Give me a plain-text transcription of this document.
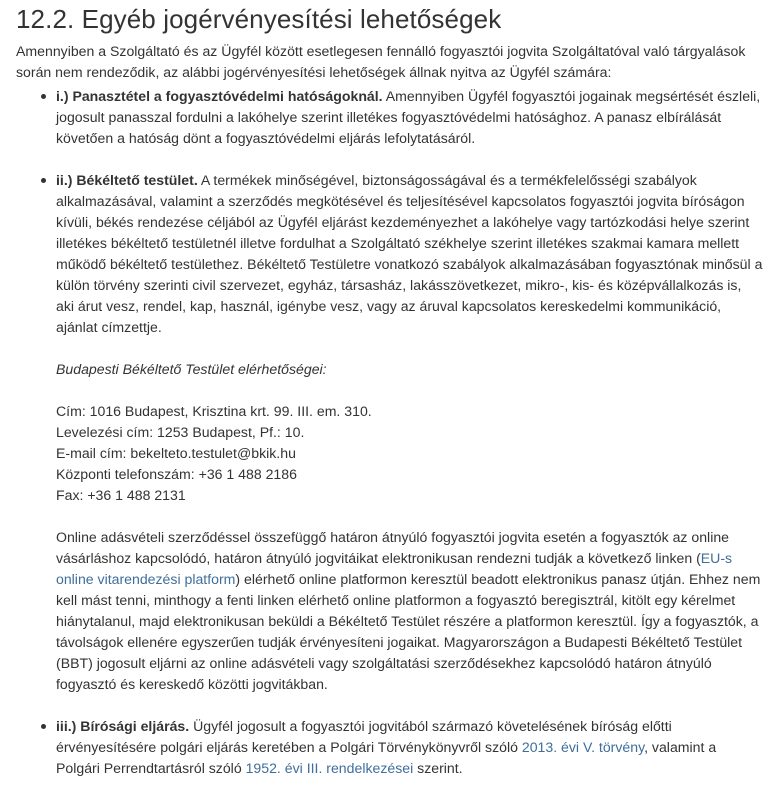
12.2. Egyéb jogérvényesítési lehetőségek

Amennyiben a Szolgáltató és az Ügyfél között esetlegesen fennálló fogyasztói jogvita Szolgáltatóval való tárgyalások során nem rendeződik, az alábbi jogérvényesítési lehetőségek állnak nyitva az Ügyfél számára:

i.) Panasztétel a fogyasztóvédelmi hatóságoknál. Amennyiben Ügyfél fogyasztói jogainak megsértését észleli, jogosult panasszal fordulni a lakóhelye szerint illetékes fogyasztóvédelmi hatósághoz. A panasz elbírálását követően a hatóság dönt a fogyasztóvédelmi eljárás lefolytatásáról.

ii.) Békéltető testület. A termékek minőségével, biztonságosságával és a termékfelelősségi szabályok alkalmazásával, valamint a szerződés megkötésével és teljesítésével kapcsolatos fogyasztói jogvita bíróságon kívüli, békés rendezése céljából az Ügyfél eljárást kezdeményezhet a lakóhelye vagy tartózkodási helye szerint illetékes békéltető testületnél illetve fordulhat a Szolgáltató székhelye szerint illetékes szakmai kamara mellett működő békéltető testülethez. Békéltető Testületre vonatkozó szabályok alkalmazásában fogyasztónak minősül a külön törvény szerinti civil szervezet, egyház, társasház, lakásszövetkezet, mikro-, kis- és középvállalkozás is, aki árut vesz, rendel, kap, használ, igénybe vesz, vagy az áruval kapcsolatos kereskedelmi kommunikáció, ajánlat címzettje.

Budapesti Békéltető Testület elérhetőségei:

Cím: 1016 Budapest, Krisztina krt. 99. III. em. 310.
Levelezési cím: 1253 Budapest, Pf.: 10.
E-mail cím: bekelteto.testulet@bkik.hu
Központi telefonszám: +36 1 488 2186
Fax: +36 1 488 2131

Online adásvételi szerződéssel összefüggő határon átnyúló fogyasztói jogvita esetén a fogyasztók az online vásárláshoz kapcsolódó, határon átnyúló jogvitáikat elektronikusan rendezni tudják a következő linken (EU-s online vitarendezési platform) elérhető online platformon keresztül beadott elektronikus panasz útján. Ehhez nem kell mást tenni, minthogy a fenti linken elérhető online platformon a fogyasztó beregisztrál, kitölt egy kérelmet hiánytalanul, majd elektronikusan beküldi a Békéltető Testület részére a platformon keresztül. Így a fogyasztók, a távolságok ellenére egyszerűen tudják érvényesíteni jogaikat. Magyarországon a Budapesti Békéltető Testület (BBT) jogosult eljárni az online adásvételi vagy szolgáltatási szerződésekhez kapcsolódó határon átnyúló fogyasztó és kereskedő közötti jogvitákban.

iii.) Bírósági eljárás. Ügyfél jogosult a fogyasztói jogvitából származó követelésének bíróság előtti érvényesítésére polgári eljárás keretében a Polgári Törvénykönyvről szóló 2013. évi V. törvény, valamint a Polgári Perrendtartásról szóló 1952. évi III. rendelkezései szerint.
